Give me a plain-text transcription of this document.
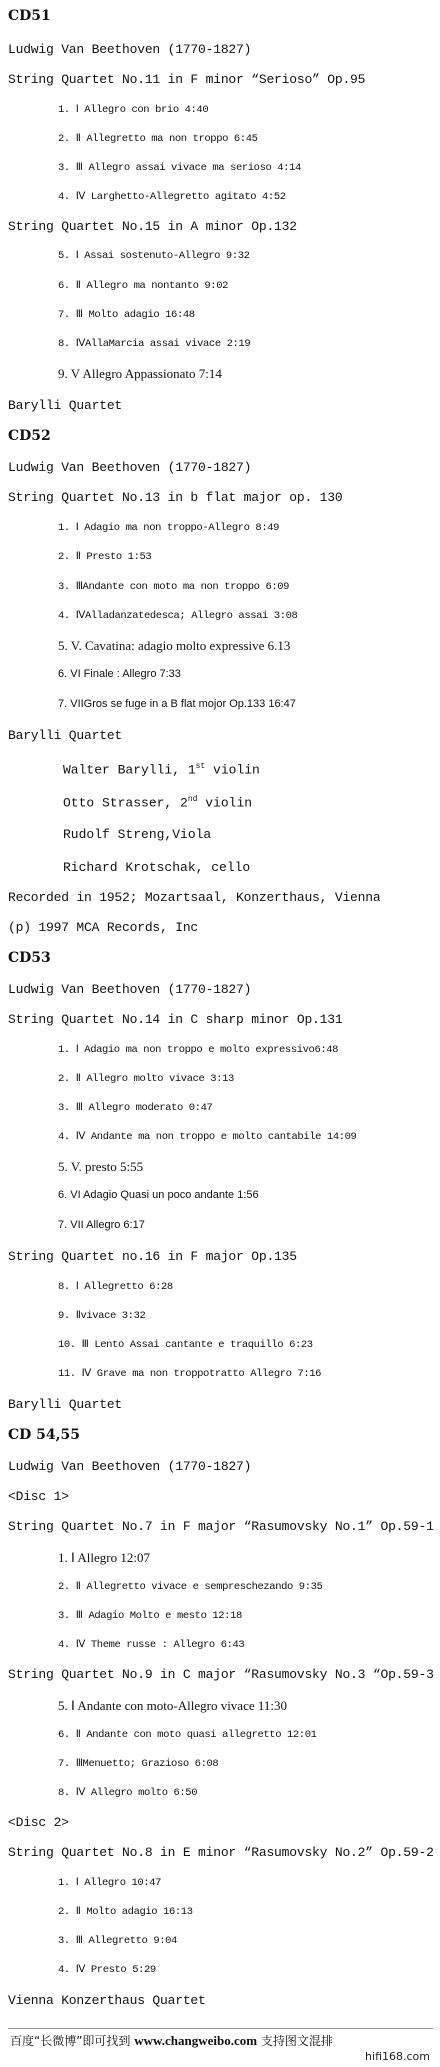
CD51
Ludwig Van Beethoven (1770-1827)
String Quartet No.11 in F minor “Serioso” Op.95
1. Ⅰ Allegro con brio 4:40
2. Ⅱ Allegretto ma non troppo 6:45
3. Ⅲ Allegro assai vivace ma serioso 4:14
4. Ⅳ Larghetto-Allegretto agitato 4:52
String Quartet No.15 in A minor Op.132
5. Ⅰ Assai sostenuto-Allegro 9:32
6. Ⅱ Allegro ma nontanto 9:02
7. Ⅲ Molto adagio 16:48
8. ⅣAllaMarcia assai vivace 2:19
9. V Allegro Appassionato 7:14
Barylli Quartet
CD52
Ludwig Van Beethoven (1770-1827)
String Quartet No.13 in b flat major op. 130
1. Ⅰ Adagio ma non troppo-Allegro 8:49
2. Ⅱ Presto 1:53
3. ⅢAndante con moto ma non troppo 6:09
4. ⅣAlladanzatedesca; Allegro assai 3:08
5. V. Cavatina: adagio molto expressive 6.13
6. VI Finale : Allegro 7:33
7. VIIGros se fuge in a B flat mojor Op.133 16:47
Barylli Quartet
Walter Barylli, 1st violin
Otto Strasser, 2nd violin
Rudolf Streng,Viola
Richard Krotschak, cello
Recorded in 1952; Mozartsaal, Konzerthaus, Vienna
(p) 1997 MCA Records, Inc
CD53
Ludwig Van Beethoven (1770-1827)
String Quartet No.14 in C sharp minor Op.131
1. Ⅰ Adagio ma non troppo e molto expressivo6:48
2. Ⅱ Allegro molto vivace 3:13
3. Ⅲ Allegro moderato 0:47
4. Ⅳ Andante ma non troppo e molto cantabile 14:09
5. V. presto 5:55
6. VI Adagio Quasi un poco andante 1:56
7. VII Allegro 6:17
String Quartet no.16 in F major Op.135
8. Ⅰ Allegretto 6:28
9. Ⅱvivace 3:32
10. Ⅲ Lento Assai cantante e traquillo 6:23
11. Ⅳ Grave ma non troppotratto Allegro 7:16
Barylli Quartet
CD 54,55
Ludwig Van Beethoven (1770-1827)
<Disc 1>
String Quartet No.7 in F major “Rasumovsky No.1” Op.59-1
1. Ⅰ Allegro 12:07
2. Ⅱ Allegretto vivace e sempreschezando 9:35
3. Ⅲ Adagio Molto e mesto 12:18
4. Ⅳ Theme russe : Allegro 6:43
String Quartet No.9 in C major “Rasumovsky No.3 “Op.59-3
5. Ⅰ Andante con moto-Allegro vivace 11:30
6. Ⅱ Andante con moto quasi allegretto 12:01
7. ⅢMenuetto; Grazioso 6:08
8. Ⅳ Allegro molto 6:50
<Disc 2>
String Quartet No.8 in E minor “Rasumovsky No.2” Op.59-2
1. Ⅰ Allegro 10:47
2. Ⅱ Molto adagio 16:13
3. Ⅲ Allegretto 9:04
4. Ⅳ Presto 5:29
Vienna Konzerthaus Quartet
百度“长微博”即可找到 www.changweibo.com 支持图文混排
hifi168.com
